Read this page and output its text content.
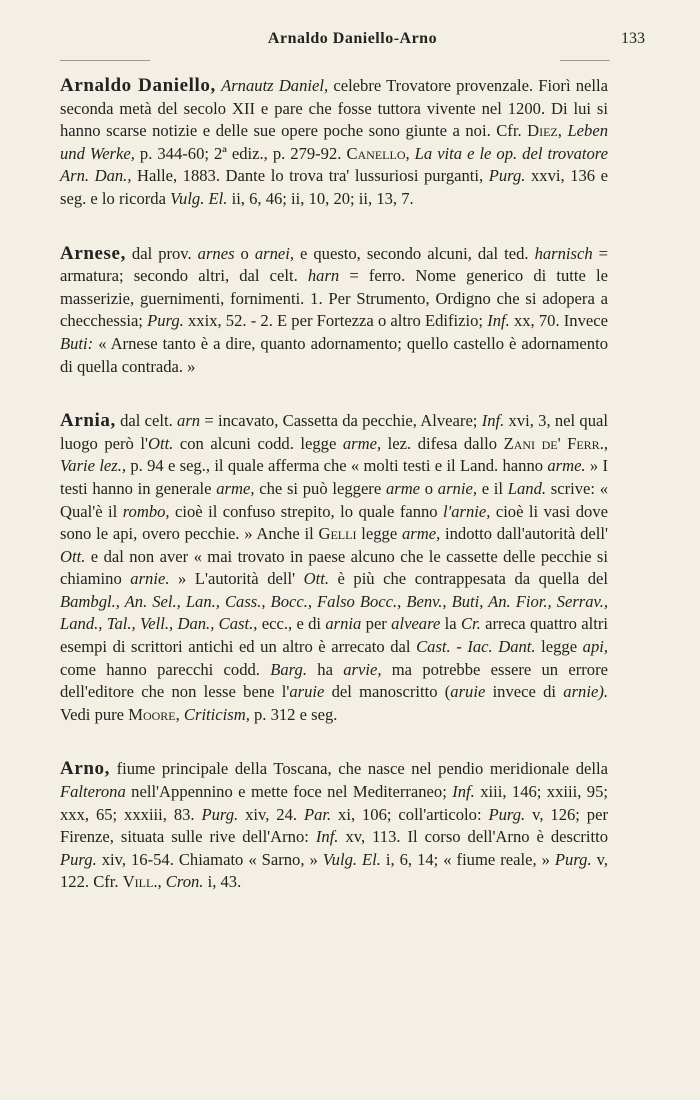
Arnaldo Daniello-Arno	133

Arnaldo Daniello, Arnautz Daniel, celebre Trovatore provenzale. Fiorì nella seconda metà del secolo XII e pare che fosse tuttora vivente nel 1200. Di lui si hanno scarse notizie e delle sue opere poche sono giunte a noi. Cfr. Diez, Leben und Werke, p. 344-60; 2ª ediz., p. 279-92. Canello, La vita e le op. del trovatore Arn. Dan., Halle, 1883. Dante lo trova tra' lussuriosi purganti, Purg. xxvi, 136 e seg. e lo ricorda Vulg. El. ii, 6, 46; ii, 10, 20; ii, 13, 7.

Arnese, dal prov. arnes o arnei, e questo, secondo alcuni, dal ted. harnisch = armatura; secondo altri, dal celt. harn = ferro. Nome generico di tutte le masserizie, guernimenti, fornimenti. 1. Per Strumento, Ordigno che si adopera a checchessia; Purg. xxix, 52. - 2. E per Fortezza o altro Edifizio; Inf. xx, 70. Invece Buti: « Arnese tanto è a dire, quanto adornamento; quello castello è adornamento di quella contrada. »

Arnia, dal celt. arn = incavato, Cassetta da pecchie, Alveare; Inf. xvi, 3, nel qual luogo però l'Ott. con alcuni codd. legge arme, lez. difesa dallo Zani de' Ferr., Varie lez., p. 94 e seg., il quale afferma che « molti testi e il Land. hanno arme. » I testi hanno in generale arme, che si può leggere arme o arnie, e il Land. scrive: « Qual'è il rombo, cioè il confuso strepito, lo quale fanno l'arnie, cioè li vasi dove sono le api, overo pecchie. » Anche il Gelli legge arme, indotto dall'autorità dell' Ott. e dal non aver « mai trovato in paese alcuno che le cassette delle pecchie si chiamino arnie. » L'autorità dell' Ott. è più che contrappesata da quella del Bambgl., An. Sel., Lan., Cass., Bocc., Falso Bocc., Benv., Buti, An. Fior., Serrav., Land., Tal., Vell., Dan., Cast., ecc., e di arnia per alveare la Cr. arreca quattro altri esempi di scrittori antichi ed un altro è arrecato dal Cast. - Iac. Dant. legge api, come hanno parecchi codd. Barg. ha arvie, ma potrebbe essere un errore dell'editore che non lesse bene l'aruie del manoscritto (aruie invece di arnie). Vedi pure Moore, Criticism, p. 312 e seg.

Arno, fiume principale della Toscana, che nasce nel pendio meridionale della Falterona nell'Appennino e mette foce nel Mediterraneo; Inf. xiii, 146; xxiii, 95; xxx, 65; xxxiii, 83. Purg. xiv, 24. Par. xi, 106; coll'articolo: Purg. v, 126; per Firenze, situata sulle rive dell'Arno: Inf. xv, 113. Il corso dell'Arno è descritto Purg. xiv, 16-54. Chiamato « Sarno, » Vulg. El. i, 6, 14; « fiume reale, » Purg. v, 122. Cfr. Vill., Cron. i, 43.
